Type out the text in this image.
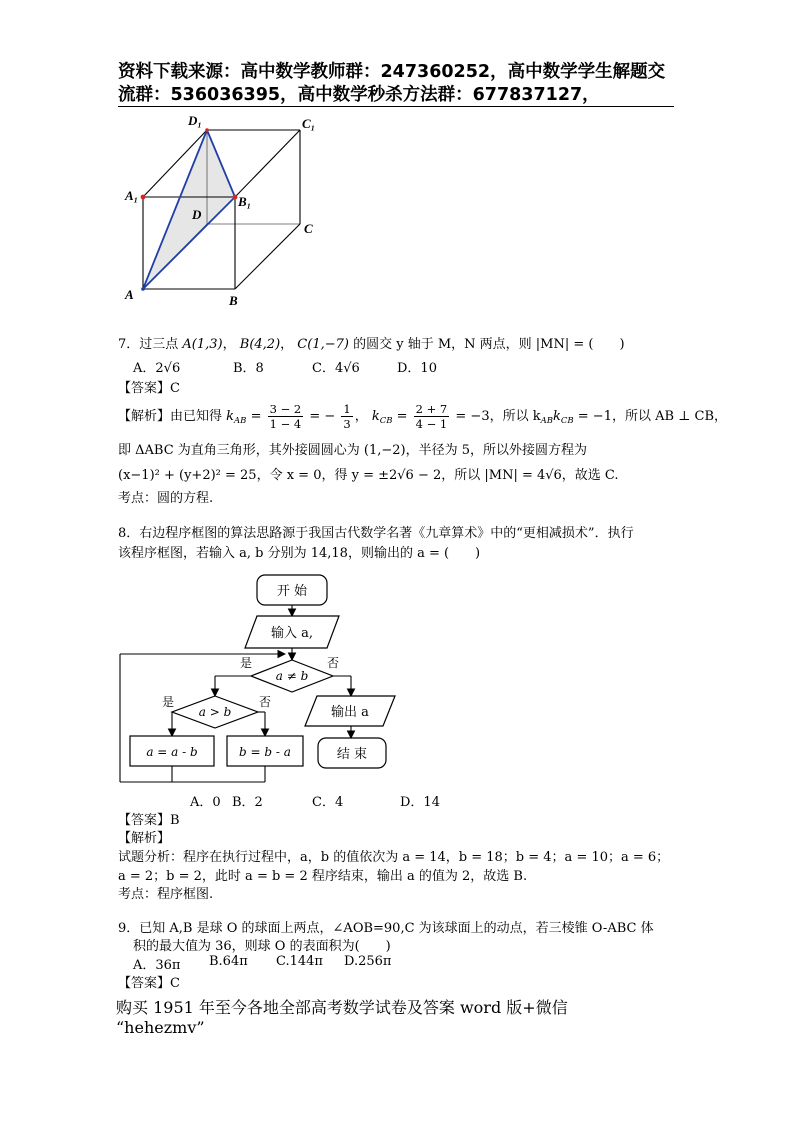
资料下载来源：高中数学教师群：247360252，高中数学学生解题交
流群：536036395，高中数学秒杀方法群：677837127，
D₁	C₁
A₁	B₁
D
C
A	B
7．过三点 A(1,3)， B(4,2)， C(1,−7) 的圆交 y 轴于 M，N 两点，则 |MN| = (　　)
A．2√6	B．8	C．4√6	D．10
【答案】C
【解析】由已知得 $k_{AB} = \frac{3 - 2}{1 - 4}$ = − $\frac{1}{3}$ ， $k_{CB} = \frac{2 + 7}{4 - 1} = -3$，所以 $k_{AB}k_{CB} = -1$，所以 AB ⊥ CB，
即 ΔABC 为直角三角形，其外接圆圆心为 (1,−2)，半径为 5，所以外接圆方程为
(x−1)² + (y+2)² = 25，令 x = 0，得 y = ±2√6 − 2，所以 |MN| = 4√6，故选 C.
考点：圆的方程.
8．右边程序框图的算法思路源于我国古代数学名著《九章算术》中的“更相减损术”．执行
该程序框图，若输入 a, b 分别为 14,18，则输出的 a = (　　)
开 始
输入 a,
a ≠ b
是	否
a > b
是	否
a = a - b	b = b - a
输出 a
结 束
A．0 B．2	C．4	D．14
【答案】B
【解析】
试题分析：程序在执行过程中，a，b 的值依次为 a = 14，b = 18；b = 4；a = 10；a = 6；
a = 2；b = 2，此时 a = b = 2 程序结束，输出 a 的值为 2，故选 B.
考点：程序框图.
9．已知 A,B 是球 O 的球面上两点，∠AOB=90,C 为该球面上的动点，若三棱锥 O-ABC 体
积的最大值为 36，则球 O 的表面积为(　　)
A．36π B.64π C.144π D.256π
【答案】C
购买 1951 年至今各地全部高考数学试卷及答案 word 版+微信
“hehezmv”
